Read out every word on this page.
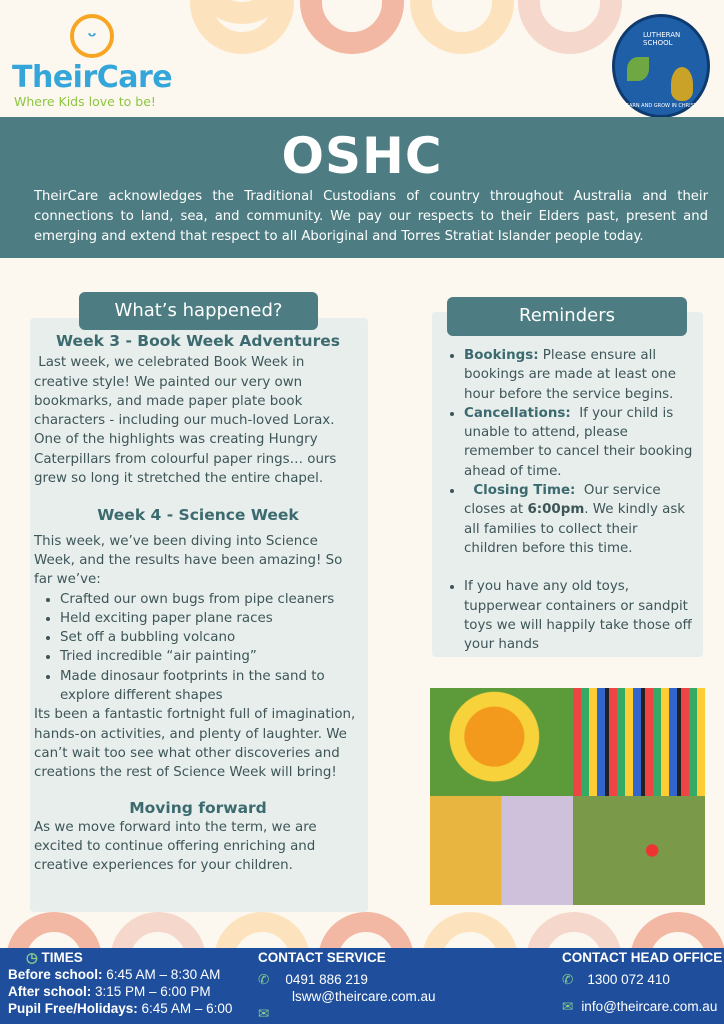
ᵕ
TheirCare
Where Kids love to be!
LUTHERAN
SCHOOL
LEARN AND GROW IN CHRIST
OSHC

TheirCare acknowledges the Traditional Custodians of country throughout Australia and their connections to land, sea, and community. We pay our respects to their Elders past, present and emerging and extend that respect to all Aboriginal and Torres Stratiat Islander people today.

Week 3 - Book Week Adventures

Last week, we celebrated Book Week in creative style! We painted our very own bookmarks, and made paper plate book characters - including our much-loved Lorax. One of the highlights was creating Hungry Caterpillars from colourful paper rings… ours grew so long it stretched the entire chapel.

Week 4 - Science Week

This week, we’ve been diving into Science Week, and the results have been amazing! So far we’ve:

• Crafted our own bugs from pipe cleaners
• Held exciting paper plane races
• Set off a bubbling volcano
• Tried incredible “air painting”
• Made dinosaur footprints in the sand to explore different shapes

Its been a fantastic fortnight full of imagination, hands-on activities, and plenty of laughter. We can’t wait too see what other discoveries and creations the rest of Science Week will bring!

Moving forward

As we move forward into the term, we are excited to continue offering enriching and creative experiences for your children.

What’s happened?
• Bookings: Please ensure all bookings are made at least one hour before the service begins.
• Cancellations:  If your child is unable to attend, please remember to cancel their booking ahead of time.
•   Closing Time:  Our service closes at 6:00pm. We kindly ask all families to collect their children before this time.
• If you have any old toys, tupperwear containers or sandpit toys we will happily take those off your hands
Reminders
◷ TIMES
Before school: 6:45 AM – 8:30 AM
After school: 3:15 PM – 6:00 PM
Pupil Free/Holidays: 6:45 AM – 6:00
CONTACT SERVICE
✆ 0491 886 219
lsww@theircare.com.au
✉
CONTACT HEAD OFFICE
✆ 1300 072 410
✉ info@theircare.com.au
